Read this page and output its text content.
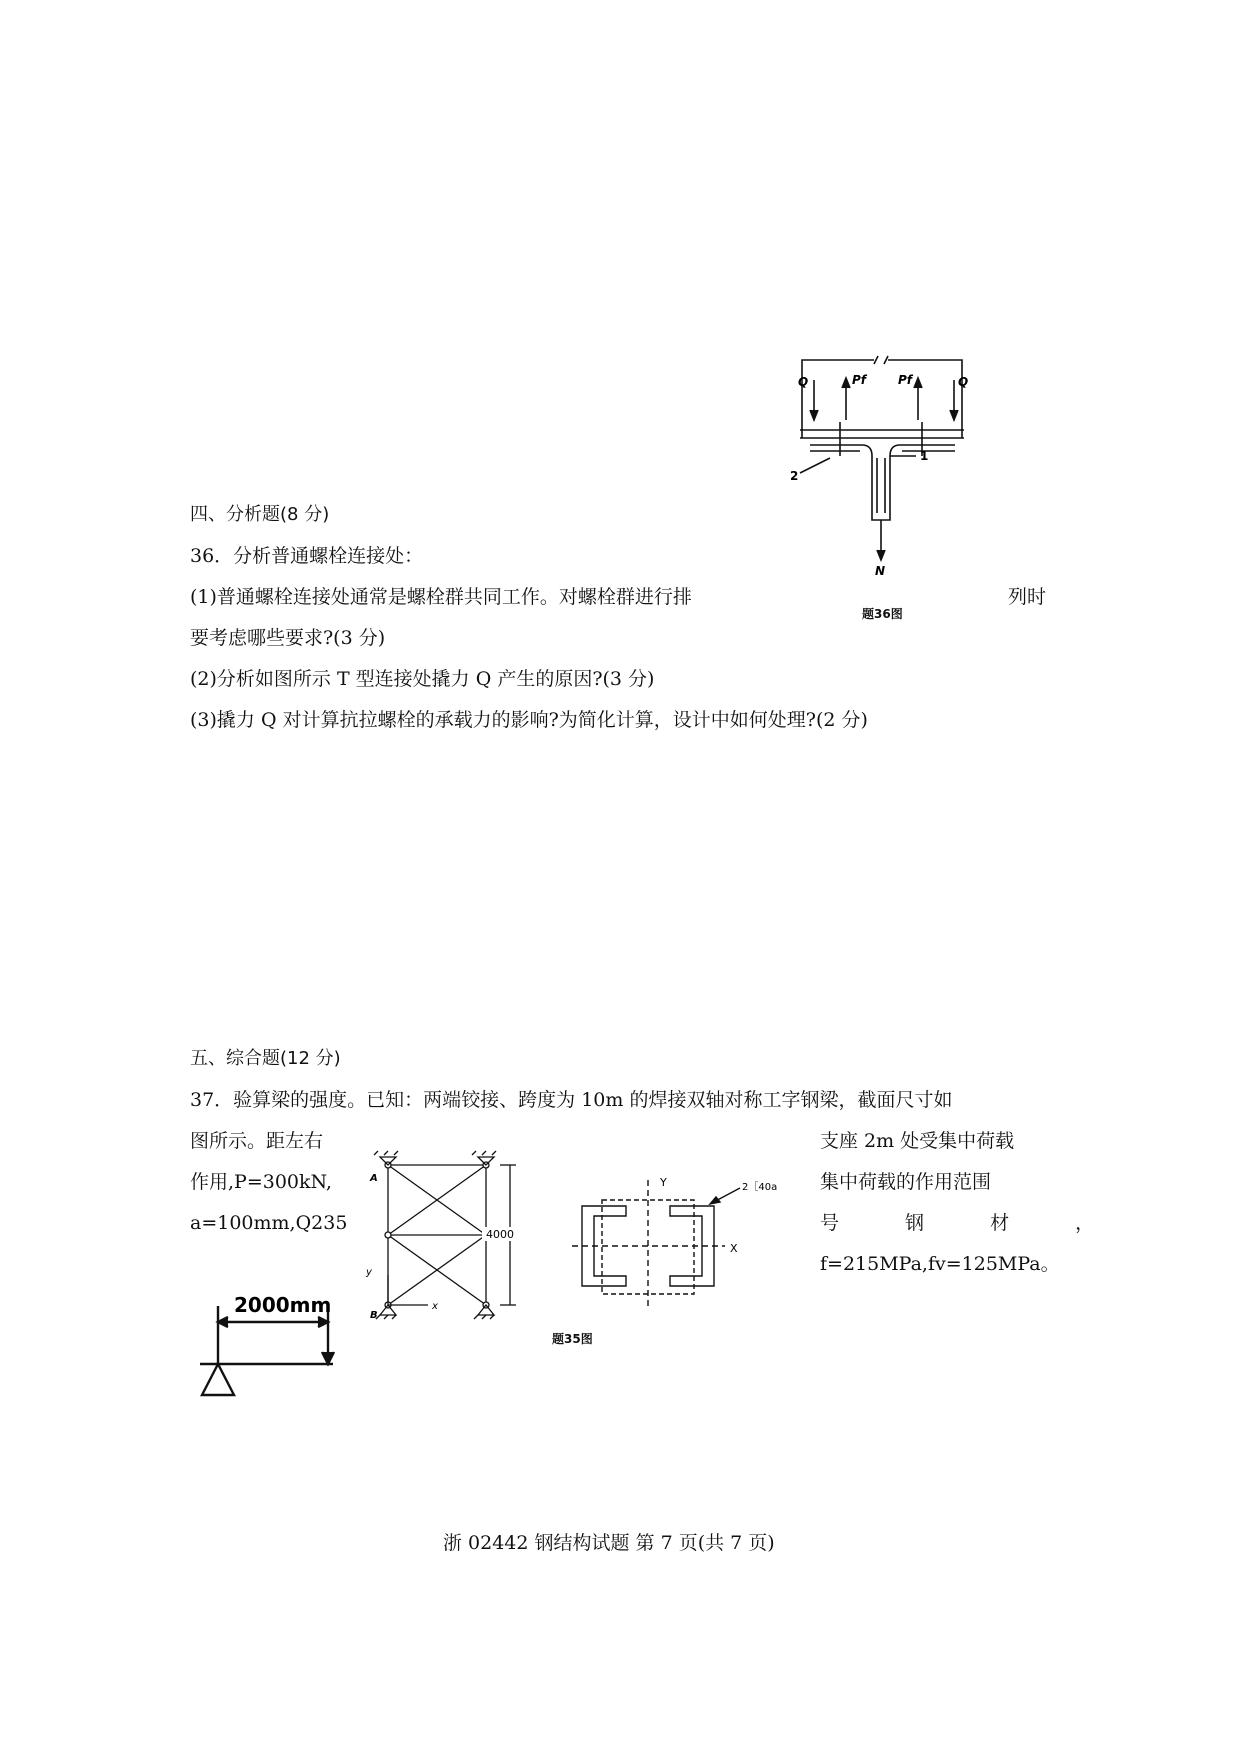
四、分析题(8 分)
36．分析普通螺栓连接处：
(1)普通螺栓连接处通常是螺栓群共同工作。对螺栓群进行排	列时
要考虑哪些要求?(3 分)
(2)分析如图所示 T 型连接处撬力 Q 产生的原因?(3 分)
(3)撬力 Q 对计算抗拉螺栓的承载力的影响?为简化计算，设计中如何处理?(2 分)
Q	Pf	Pf	Q
1
2
N
题36图
五、综合题(12 分)
37．验算梁的强度。已知：两端铰接、跨度为 10m 的焊接双轴对称工字钢梁，截面尺寸如
图所示。距左右	支座 2m 处受集中荷载
作用,P=300kN,	集中荷载的作用范围
a=100mm,Q235	号 钢 材 ，
f=215MPa,fv=125MPa。
A
B
4000
y
x
Y
X
2［40a
题35图
2000mm
浙 02442 钢结构试题 第 7 页(共 7 页)
